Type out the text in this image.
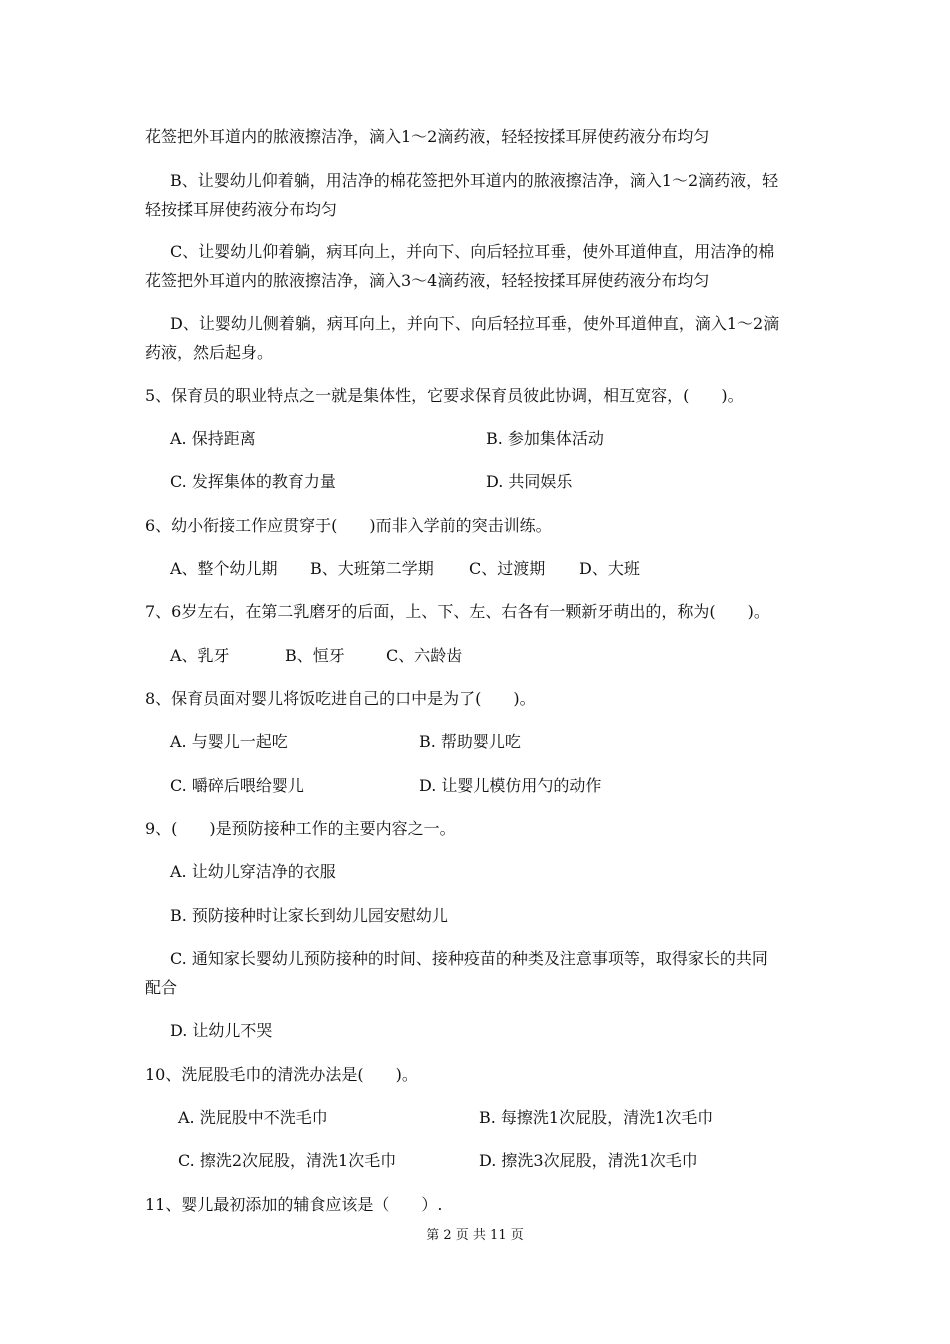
花签把外耳道内的脓液擦洁净，滴入1～2滴药液，轻轻按揉耳屏使药液分布均匀
B、让婴幼儿仰着躺，用洁净的棉花签把外耳道内的脓液擦洁净，滴入1～2滴药液，轻
轻按揉耳屏使药液分布均匀
C、让婴幼儿仰着躺，病耳向上，并向下、向后轻拉耳垂，使外耳道伸直，用洁净的棉
花签把外耳道内的脓液擦洁净，滴入3～4滴药液，轻轻按揉耳屏使药液分布均匀
D、让婴幼儿侧着躺，病耳向上，并向下、向后轻拉耳垂，使外耳道伸直，滴入1～2滴
药液，然后起身。
5、保育员的职业特点之一就是集体性，它要求保育员彼此协调，相互宽容，(　　)。
A. 保持距离	B. 参加集体活动
C. 发挥集体的教育力量	D. 共同娱乐
6、幼小衔接工作应贯穿于(　　)而非入学前的突击训练。
A、整个幼儿期 B、大班第二学期 C、过渡期 D、大班
7、6岁左右，在第二乳磨牙的后面，上、下、左、右各有一颗新牙萌出的，称为(　　)。
A、乳牙	B、恒牙	C、六龄齿
8、保育员面对婴儿将饭吃进自己的口中是为了(　　)。
A. 与婴儿一起吃	B. 帮助婴儿吃
C. 嚼碎后喂给婴儿	D. 让婴儿模仿用勺的动作
9、(　　)是预防接种工作的主要内容之一。
A. 让幼儿穿洁净的衣服
B. 预防接种时让家长到幼儿园安慰幼儿
C. 通知家长婴幼儿预防接种的时间、接种疫苗的种类及注意事项等，取得家长的共同
配合
D. 让幼儿不哭
10、洗屁股毛巾的清洗办法是(　　)。
A. 洗屁股中不洗毛巾	B. 每擦洗1次屁股，清洗1次毛巾
C. 擦洗2次屁股，清洗1次毛巾	D. 擦洗3次屁股，清洗1次毛巾
11、婴儿最初添加的辅食应该是（　　）.
第 2 页 共 11 页
